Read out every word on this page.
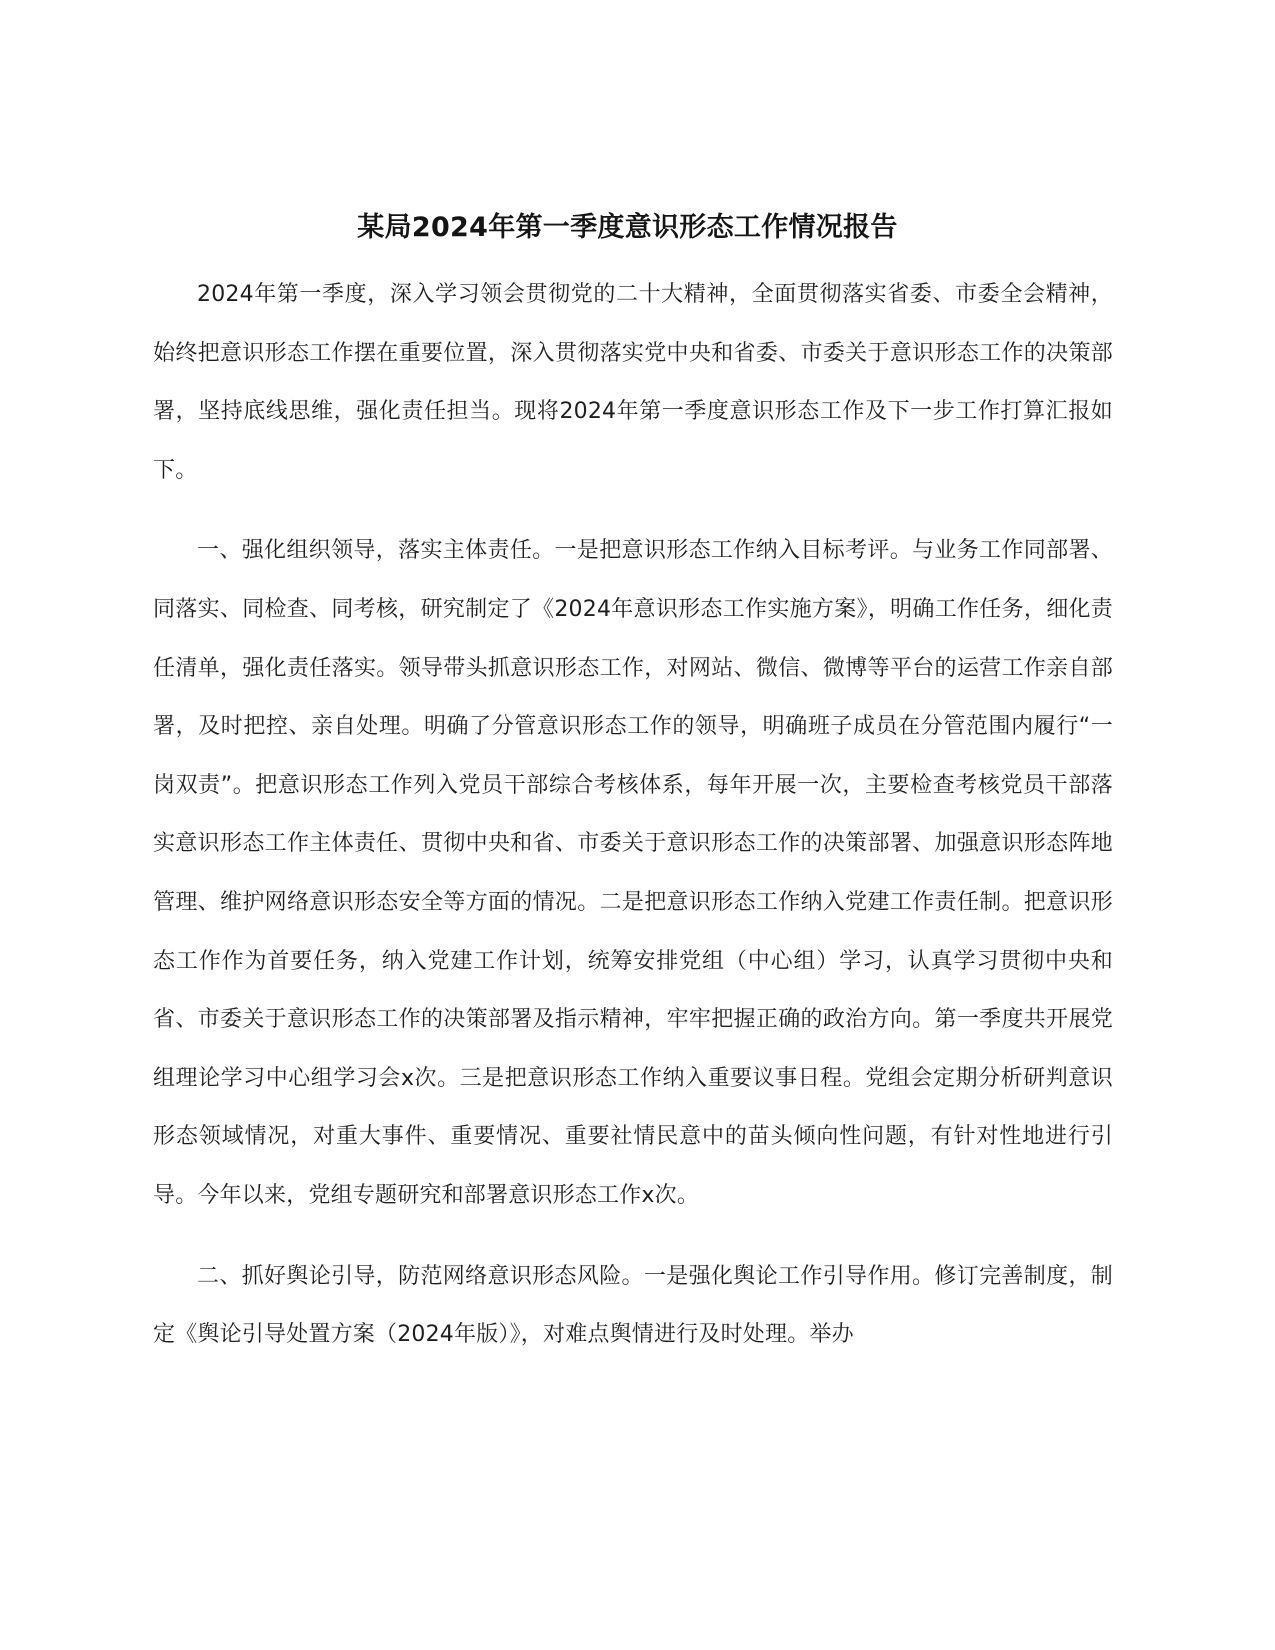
某局2024年第一季度意识形态工作情况报告

2024年第一季度，深入学习领会贯彻党的二十大精神，全面贯彻落实省委、市委全会精神，始终把意识形态工作摆在重要位置，深入贯彻落实党中央和省委、市委关于意识形态工作的决策部署，坚持底线思维，强化责任担当。现将2024年第一季度意识形态工作及下一步工作打算汇报如下。

一、强化组织领导，落实主体责任。一是把意识形态工作纳入目标考评。与业务工作同部署、同落实、同检查、同考核，研究制定了《2024年意识形态工作实施方案》，明确工作任务，细化责任清单，强化责任落实。领导带头抓意识形态工作，对网站、微信、微博等平台的运营工作亲自部署，及时把控、亲自处理。明确了分管意识形态工作的领导，明确班子成员在分管范围内履行“一岗双责”。把意识形态工作列入党员干部综合考核体系，每年开展一次，主要检查考核党员干部落实意识形态工作主体责任、贯彻中央和省、市委关于意识形态工作的决策部署、加强意识形态阵地管理、维护网络意识形态安全等方面的情况。二是把意识形态工作纳入党建工作责任制。把意识形态工作作为首要任务，纳入党建工作计划，统筹安排党组（中心组）学习，认真学习贯彻中央和省、市委关于意识形态工作的决策部署及指示精神，牢牢把握正确的政治方向。第一季度共开展党组理论学习中心组学习会x次。三是把意识形态工作纳入重要议事日程。党组会定期分析研判意识形态领域情况，对重大事件、重要情况、重要社情民意中的苗头倾向性问题，有针对性地进行引导。今年以来，党组专题研究和部署意识形态工作x次。

二、抓好舆论引导，防范网络意识形态风险。一是强化舆论工作引导作用。修订完善制度，制定《舆论引导处置方案（2024年版）》，对难点舆情进行及时处理。举办
